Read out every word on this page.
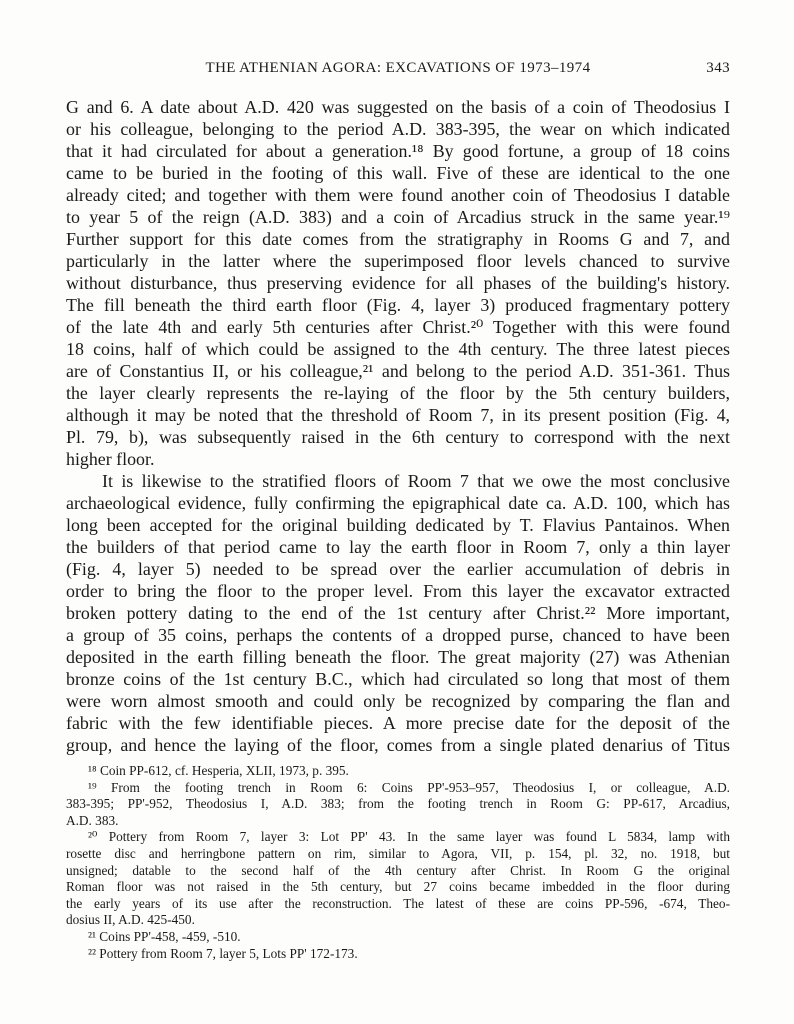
THE ATHENIAN AGORA: EXCAVATIONS OF 1973–1974	343
G and 6. A date about A.D. 420 was suggested on the basis of a coin of Theodosius I
or his colleague, belonging to the period A.D. 383-395, the wear on which indicated
that it had circulated for about a generation.¹⁸ By good fortune, a group of 18 coins
came to be buried in the footing of this wall. Five of these are identical to the one
already cited; and together with them were found another coin of Theodosius I datable
to year 5 of the reign (A.D. 383) and a coin of Arcadius struck in the same year.¹⁹
Further support for this date comes from the stratigraphy in Rooms G and 7, and
particularly in the latter where the superimposed floor levels chanced to survive
without disturbance, thus preserving evidence for all phases of the building's history.
The fill beneath the third earth floor (Fig. 4, layer 3) produced fragmentary pottery
of the late 4th and early 5th centuries after Christ.²⁰ Together with this were found
18 coins, half of which could be assigned to the 4th century. The three latest pieces
are of Constantius II, or his colleague,²¹ and belong to the period A.D. 351-361. Thus
the layer clearly represents the re-laying of the floor by the 5th century builders,
although it may be noted that the threshold of Room 7, in its present position (Fig. 4,
Pl. 79, b), was subsequently raised in the 6th century to correspond with the next
higher floor.
It is likewise to the stratified floors of Room 7 that we owe the most conclusive
archaeological evidence, fully confirming the epigraphical date ca. A.D. 100, which has
long been accepted for the original building dedicated by T. Flavius Pantainos. When
the builders of that period came to lay the earth floor in Room 7, only a thin layer
(Fig. 4, layer 5) needed to be spread over the earlier accumulation of debris in
order to bring the floor to the proper level. From this layer the excavator extracted
broken pottery dating to the end of the 1st century after Christ.²² More important,
a group of 35 coins, perhaps the contents of a dropped purse, chanced to have been
deposited in the earth filling beneath the floor. The great majority (27) was Athenian
bronze coins of the 1st century B.C., which had circulated so long that most of them
were worn almost smooth and could only be recognized by comparing the flan and
fabric with the few identifiable pieces. A more precise date for the deposit of the
group, and hence the laying of the floor, comes from a single plated denarius of Titus
¹⁸ Coin PP-612, cf. Hesperia, XLII, 1973, p. 395.
¹⁹ From the footing trench in Room 6: Coins PP'-953–957, Theodosius I, or colleague, A.D.
383-395; PP'-952, Theodosius I, A.D. 383; from the footing trench in Room G: PP-617, Arcadius,
A.D. 383.
²⁰ Pottery from Room 7, layer 3: Lot PP' 43. In the same layer was found L 5834, lamp with
rosette disc and herringbone pattern on rim, similar to Agora, VII, p. 154, pl. 32, no. 1918, but
unsigned; datable to the second half of the 4th century after Christ. In Room G the original
Roman floor was not raised in the 5th century, but 27 coins became imbedded in the floor during
the early years of its use after the reconstruction. The latest of these are coins PP-596, -674, Theo-
dosius II, A.D. 425-450.
²¹ Coins PP'-458, -459, -510.
²² Pottery from Room 7, layer 5, Lots PP' 172-173.
